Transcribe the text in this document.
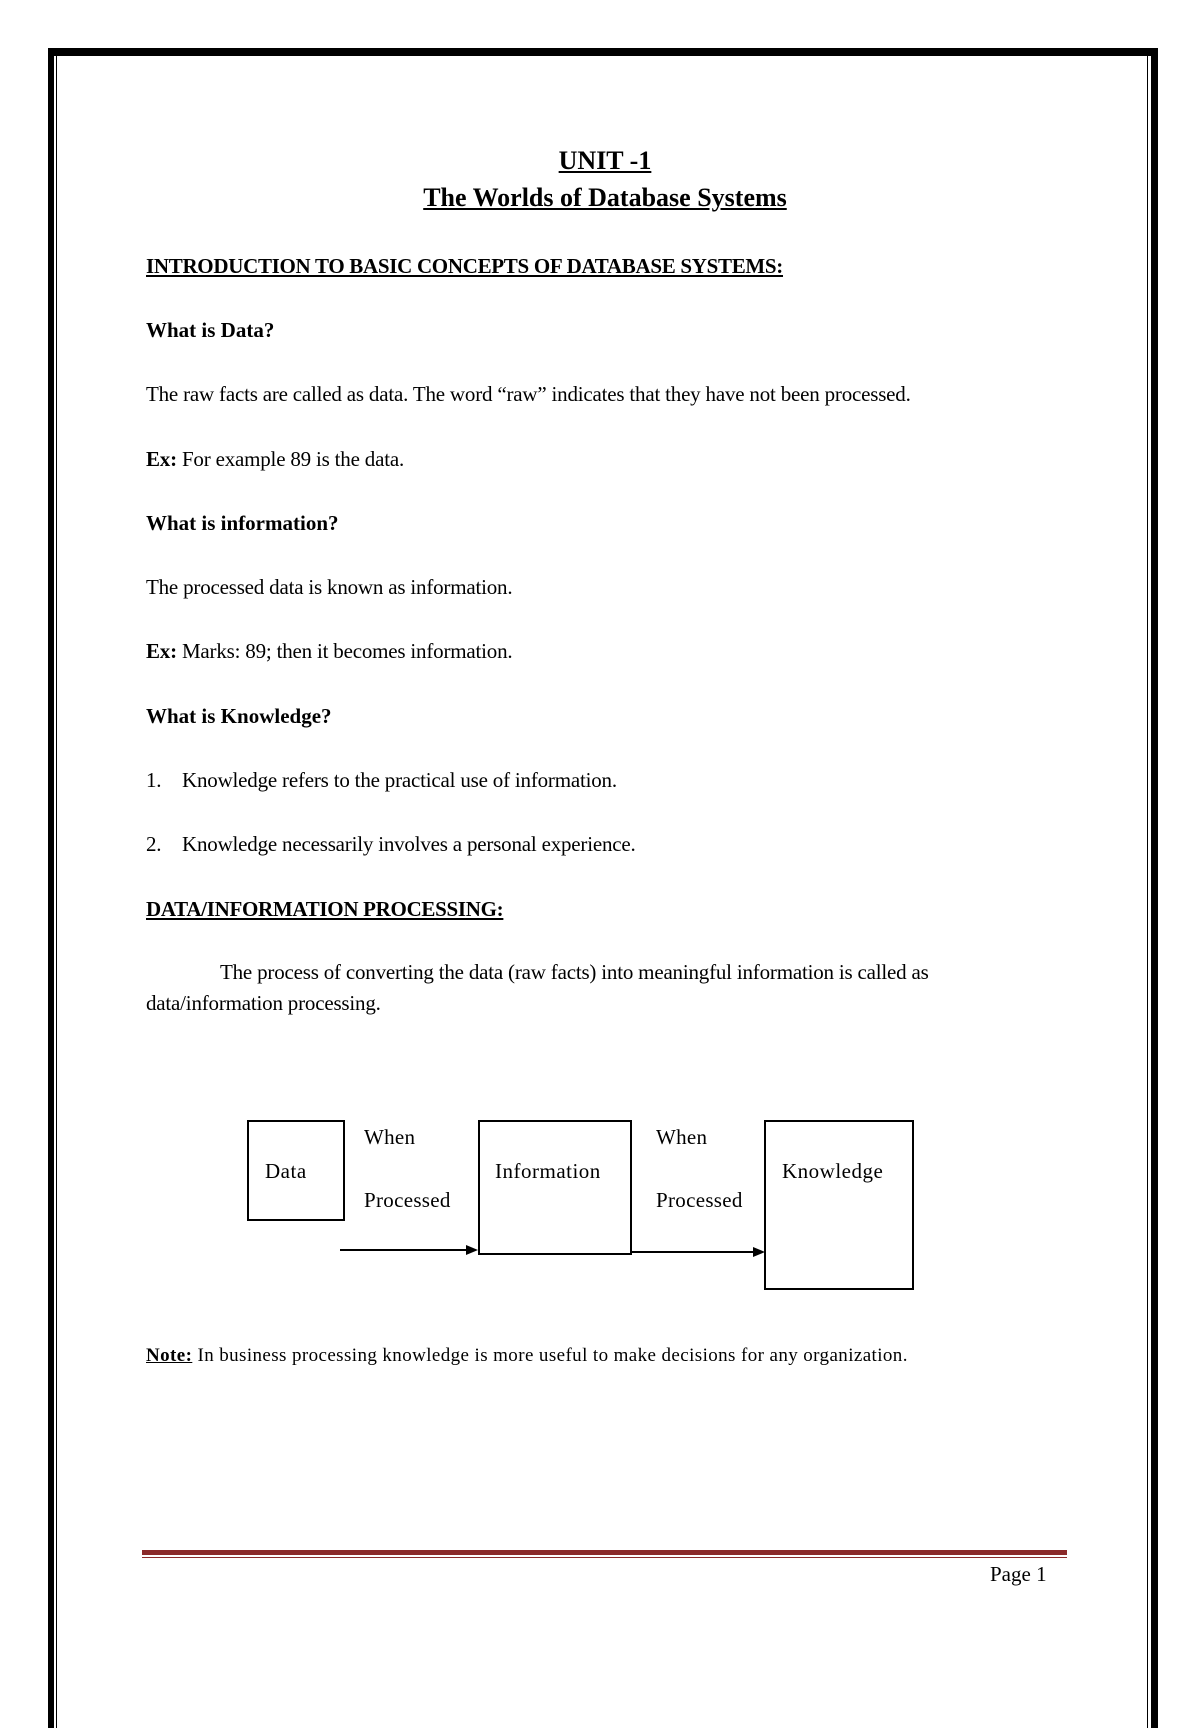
UNIT -1
The Worlds of Database Systems
INTRODUCTION TO BASIC CONCEPTS OF DATABASE SYSTEMS:
What is Data?
The raw facts are called as data. The word “raw” indicates that they have not been processed.
Ex: For example 89 is the data.
What is information?
The processed data is known as information.
Ex: Marks: 89; then it becomes information.
What is Knowledge?
1. Knowledge refers to the practical use of information.
2. Knowledge necessarily involves a personal experience.
DATA/INFORMATION PROCESSING:
The process of converting the data (raw facts) into meaningful information is called as data/information processing.
Data	Information	Knowledge
When
Processed
When
Processed
Note: In business processing knowledge is more useful to make decisions for any organization.
Page 1
